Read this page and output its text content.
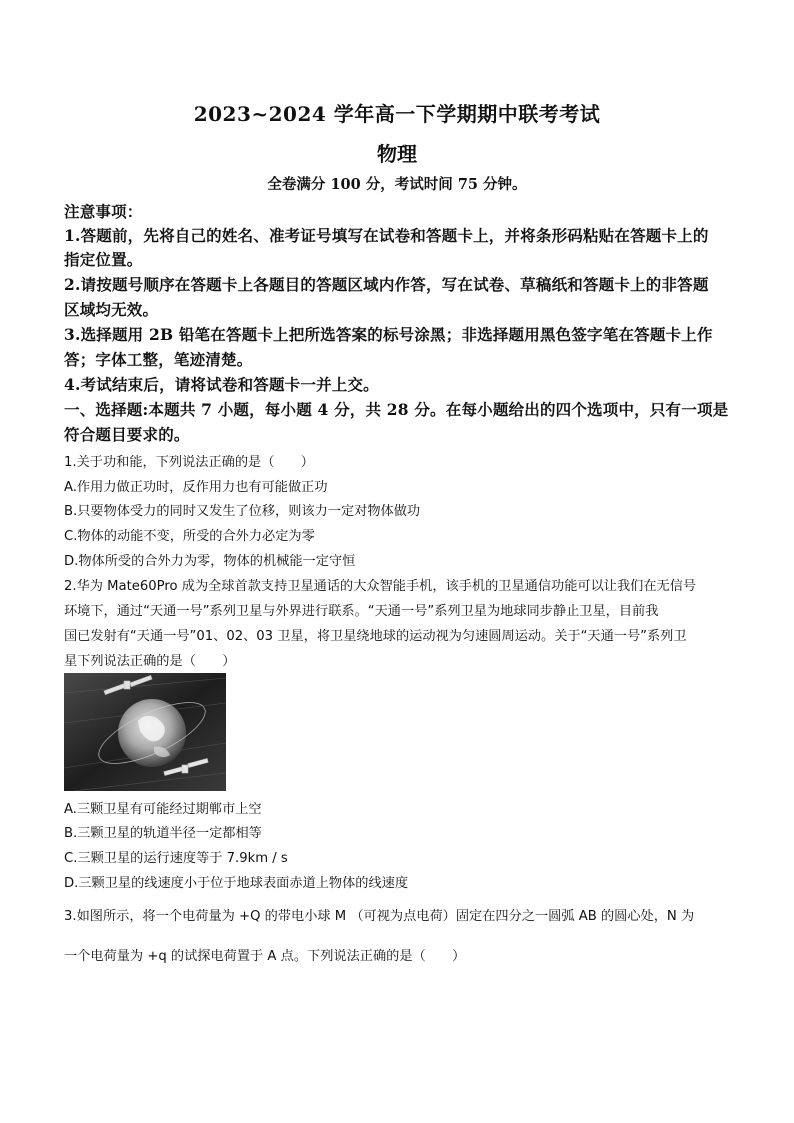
2023~2024 学年高一下学期期中联考考试
物理
全卷满分 100 分，考试时间 75 分钟。
注意事项：
1.答题前，先将自己的姓名、准考证号填写在试卷和答题卡上，并将条形码粘贴在答题卡上的
指定位置。
2.请按题号顺序在答题卡上各题目的答题区域内作答，写在试卷、草稿纸和答题卡上的非答题
区域均无效。
3.选择题用 2B 铅笔在答题卡上把所选答案的标号涂黑；非选择题用黑色签字笔在答题卡上作
答；字体工整，笔迹清楚。
4.考试结束后，请将试卷和答题卡一并上交。
一、选择题:本题共 7 小题，每小题 4 分，共 28 分。在每小题给出的四个选项中，只有一项是
符合题目要求的。
1.关于功和能，下列说法正确的是（　　）
A.作用力做正功时，反作用力也有可能做正功
B.只要物体受力的同时又发生了位移，则该力一定对物体做功
C.物体的动能不变，所受的合外力必定为零
D.物体所受的合外力为零，物体的机械能一定守恒
2.华为 Mate60Pro 成为全球首款支持卫星通话的大众智能手机，该手机的卫星通信功能可以让我们在无信号
环境下，通过“天通一号”系列卫星与外界进行联系。“天通一号”系列卫星为地球同步静止卫星，目前我
国已发射有“天通一号”01、02、03 卫星，将卫星绕地球的运动视为匀速圆周运动。关于“天通一号”系列卫
星下列说法正确的是（　　）
A.三颗卫星有可能经过期郸市上空
B.三颗卫星的轨道半径一定都相等
C.三颗卫星的运行速度等于 7.9km / s
D.三颗卫星的线速度小于位于地球表面赤道上物体的线速度
3.如图所示，将一个电荷量为 +Q 的带电小球 M （可视为点电荷）固定在四分之一圆弧 AB 的圆心处，N 为
一个电荷量为 +q 的试探电荷置于 A 点。下列说法正确的是（　　）
